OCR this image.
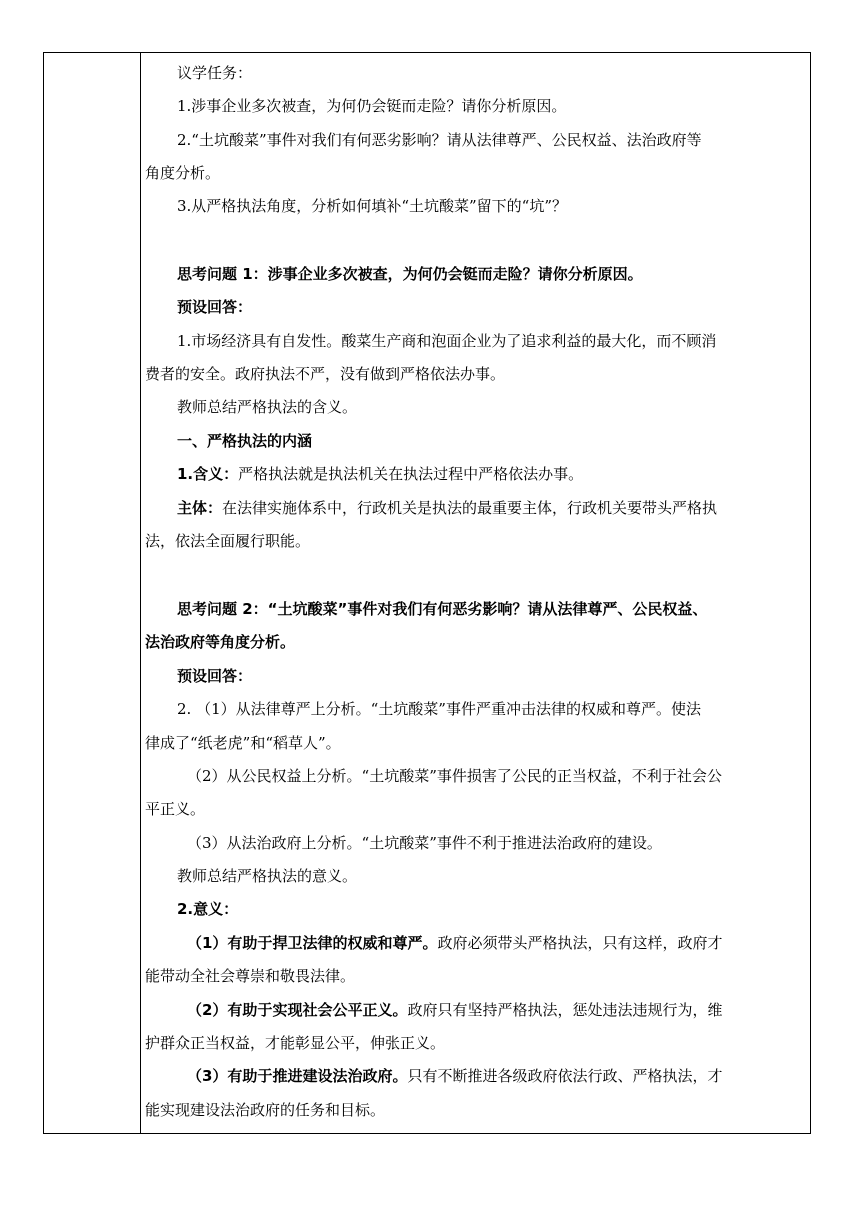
议学任务：
1.涉事企业多次被查，为何仍会铤而走险？请你分析原因。
2.“土坑酸菜”事件对我们有何恶劣影响？请从法律尊严、公民权益、法治政府等
角度分析。
3.从严格执法角度，分析如何填补“土坑酸菜”留下的“坑”？
思考问题 1：涉事企业多次被查，为何仍会铤而走险？请你分析原因。
预设回答：
1.市场经济具有自发性。酸菜生产商和泡面企业为了追求利益的最大化，而不顾消
费者的安全。政府执法不严，没有做到严格依法办事。
教师总结严格执法的含义。
一、严格执法的内涵
1.含义：严格执法就是执法机关在执法过程中严格依法办事。
主体：在法律实施体系中，行政机关是执法的最重要主体，行政机关要带头严格执
法，依法全面履行职能。
思考问题 2：“土坑酸菜”事件对我们有何恶劣影响？请从法律尊严、公民权益、
法治政府等角度分析。
预设回答：
2. （1）从法律尊严上分析。“土坑酸菜”事件严重冲击法律的权威和尊严。使法
律成了“纸老虎”和“稻草人”。
（2）从公民权益上分析。“土坑酸菜”事件损害了公民的正当权益，不利于社会公
平正义。
（3）从法治政府上分析。“土坑酸菜”事件不利于推进法治政府的建设。
教师总结严格执法的意义。
2.意义：
（1）有助于捍卫法律的权威和尊严。政府必须带头严格执法，只有这样，政府才
能带动全社会尊崇和敬畏法律。
（2）有助于实现社会公平正义。政府只有坚持严格执法，惩处违法违规行为，维
护群众正当权益，才能彰显公平，伸张正义。
（3）有助于推进建设法治政府。只有不断推进各级政府依法行政、严格执法，才
能实现建设法治政府的任务和目标。
